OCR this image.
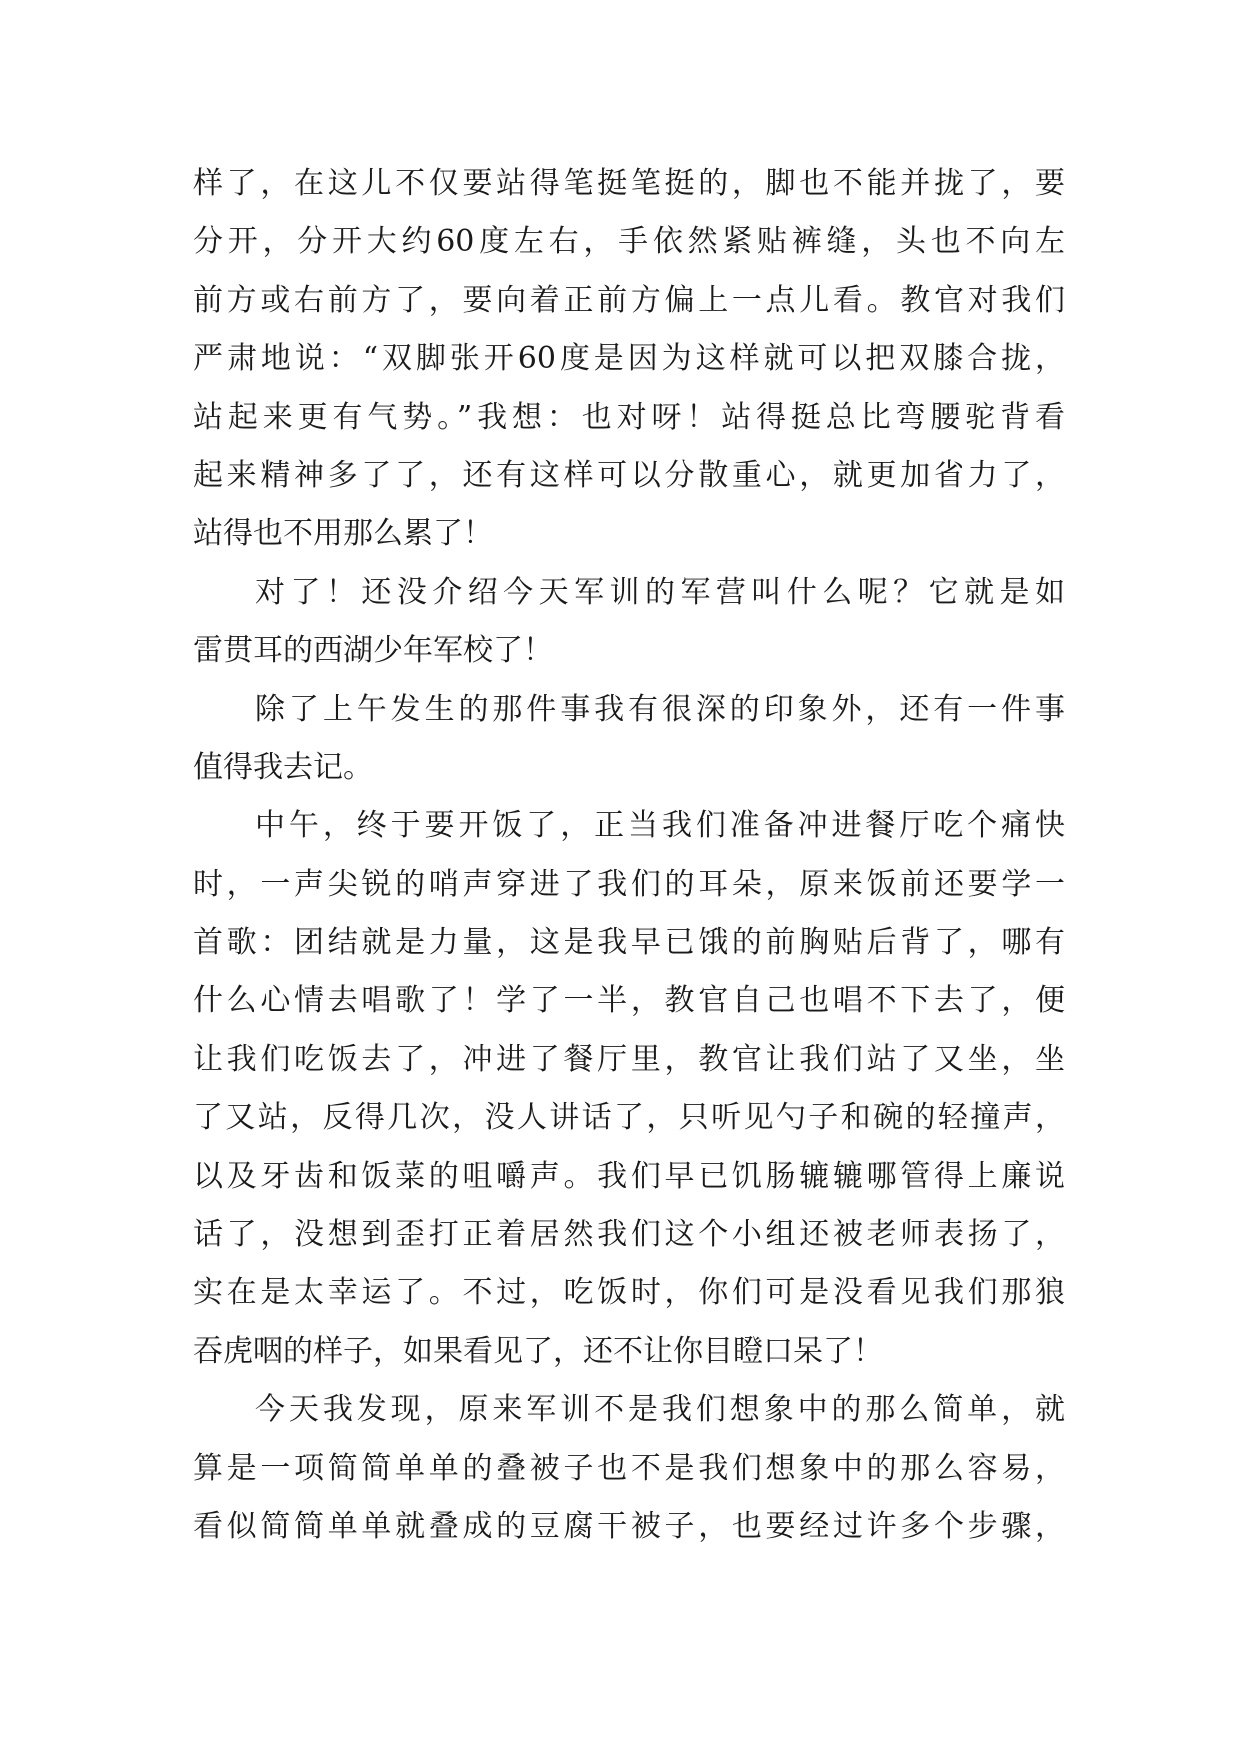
样了，在这儿不仅要站得笔挺笔挺的，脚也不能并拢了，要
分开，分开大约60度左右，手依然紧贴裤缝，头也不向左
前方或右前方了，要向着正前方偏上一点儿看。教官对我们
严肃地说：“双脚张开60度是因为这样就可以把双膝合拢，
站起来更有气势。”我想：也对呀！站得挺总比弯腰驼背看
起来精神多了了，还有这样可以分散重心，就更加省力了，
站得也不用那么累了！
对了！还没介绍今天军训的军营叫什么呢？它就是如
雷贯耳的西湖少年军校了！
除了上午发生的那件事我有很深的印象外，还有一件事
值得我去记。
中午，终于要开饭了，正当我们准备冲进餐厅吃个痛快
时，一声尖锐的哨声穿进了我们的耳朵，原来饭前还要学一
首歌：团结就是力量，这是我早已饿的前胸贴后背了，哪有
什么心情去唱歌了！学了一半，教官自己也唱不下去了，便
让我们吃饭去了，冲进了餐厅里，教官让我们站了又坐，坐
了又站，反得几次，没人讲话了，只听见勺子和碗的轻撞声，
以及牙齿和饭菜的咀嚼声。我们早已饥肠辘辘哪管得上廉说
话了，没想到歪打正着居然我们这个小组还被老师表扬了，
实在是太幸运了。不过，吃饭时，你们可是没看见我们那狼
吞虎咽的样子，如果看见了，还不让你目瞪口呆了！
今天我发现，原来军训不是我们想象中的那么简单，就
算是一项简简单单的叠被子也不是我们想象中的那么容易，
看似简简单单就叠成的豆腐干被子，也要经过许多个步骤，
